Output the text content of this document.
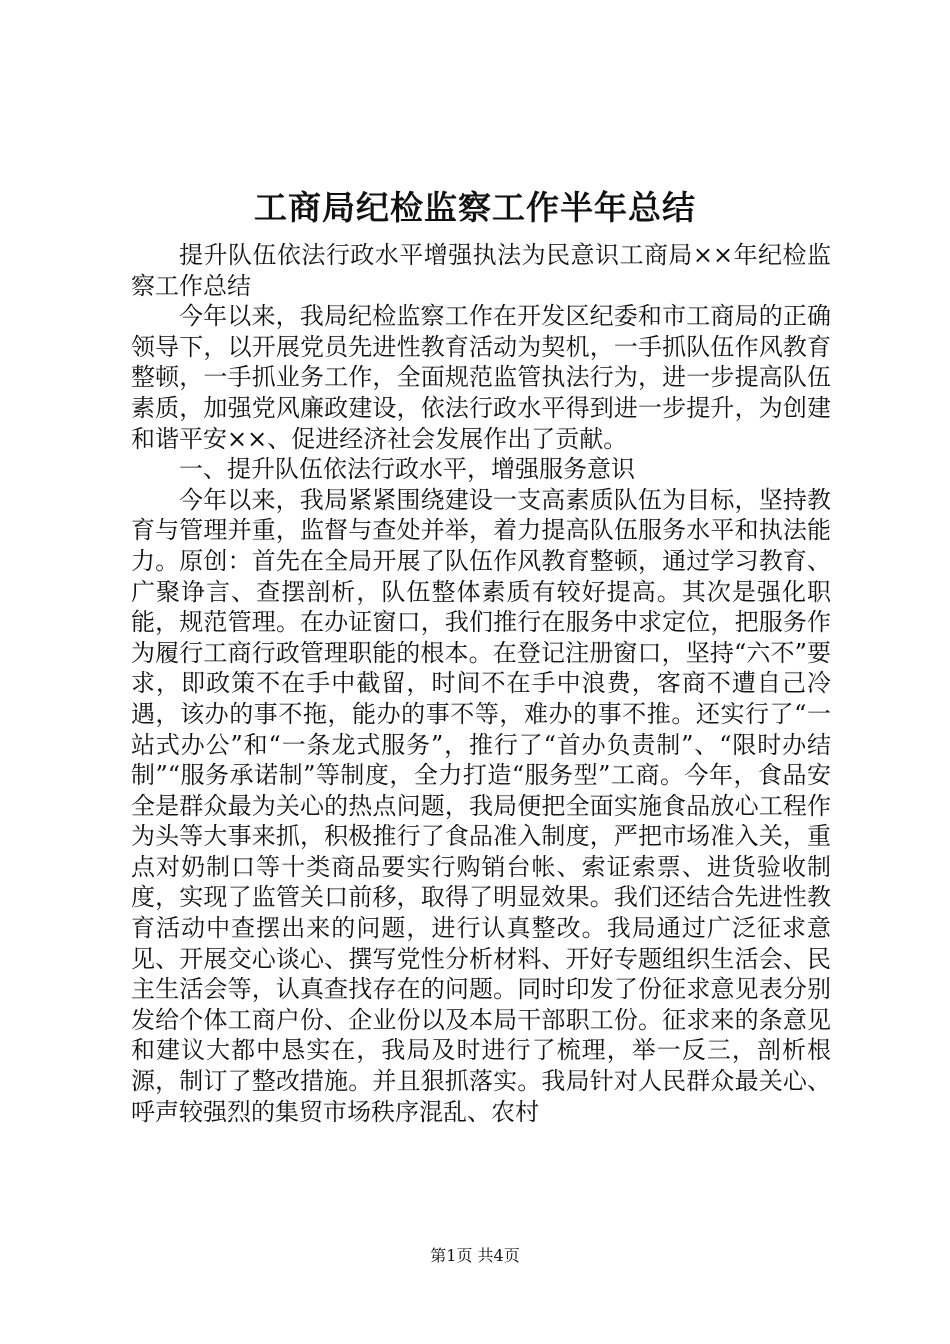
工商局纪检监察工作半年总结

提升队伍依法行政水平增强执法为民意识工商局××年纪检监察工作总结

今年以来，我局纪检监察工作在开发区纪委和市工商局的正确领导下，以开展党员先进性教育活动为契机，一手抓队伍作风教育整顿，一手抓业务工作，全面规范监管执法行为，进一步提高队伍素质，加强党风廉政建设，依法行政水平得到进一步提升，为创建和谐平安××、促进经济社会发展作出了贡献。

一、提升队伍依法行政水平，增强服务意识

今年以来，我局紧紧围绕建设一支高素质队伍为目标，坚持教育与管理并重，监督与查处并举，着力提高队伍服务水平和执法能力。原创：首先在全局开展了队伍作风教育整顿，通过学习教育、广聚诤言、查摆剖析，队伍整体素质有较好提高。其次是强化职能，规范管理。在办证窗口，我们推行在服务中求定位，把服务作为履行工商行政管理职能的根本。在登记注册窗口，坚持“六不”要求，即政策不在手中截留，时间不在手中浪费，客商不遭自己冷遇，该办的事不拖，能办的事不等，难办的事不推。还实行了“一站式办公”和“一条龙式服务”，推行了“首办负责制”、“限时办结制”“服务承诺制”等制度，全力打造“服务型”工商。今年，食品安全是群众最为关心的热点问题，我局便把全面实施食品放心工程作为头等大事来抓，积极推行了食品准入制度，严把市场准入关，重点对奶制口等十类商品要实行购销台帐、索证索票、进货验收制度，实现了监管关口前移，取得了明显效果。我们还结合先进性教育活动中查摆出来的问题，进行认真整改。我局通过广泛征求意见、开展交心谈心、撰写党性分析材料、开好专题组织生活会、民主生活会等，认真查找存在的问题。同时印发了份征求意见表分别发给个体工商户份、企业份以及本局干部职工份。征求来的条意见和建议大都中恳实在，我局及时进行了梳理，举一反三，剖析根源，制订了整改措施。并且狠抓落实。我局针对人民群众最关心、呼声较强烈的集贸市场秩序混乱、农村

第1页 共4页
